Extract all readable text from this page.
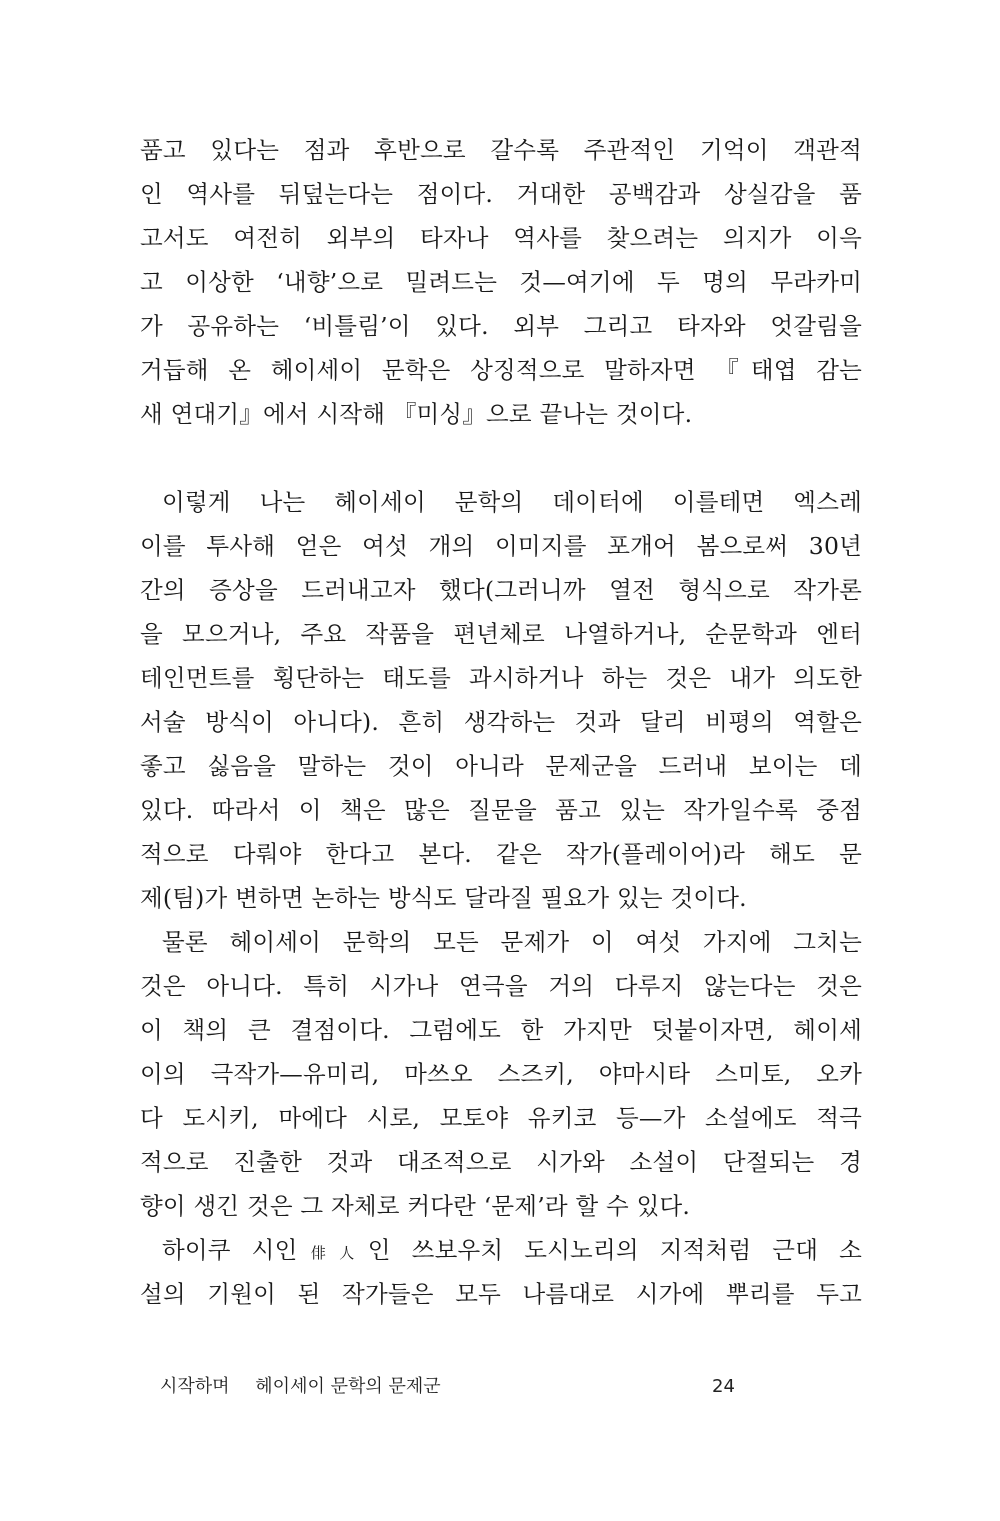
품고 있다는 점과 후반으로 갈수록 주관적인 기억이 객관적
인 역사를 뒤덮는다는 점이다. 거대한 공백감과 상실감을 품
고서도 여전히 외부의 타자나 역사를 찾으려는 의지가 이윽
고 이상한 ‘내향’으로 밀려드는 것—여기에 두 명의 무라카미
가 공유하는 ‘비틀림’이 있다. 외부 그리고 타자와 엇갈림을
거듭해 온 헤이세이 문학은 상징적으로 말하자면 『태엽 감는
새 연대기』에서 시작해 『미싱』으로 끝나는 것이다.
이렇게 나는 헤이세이 문학의 데이터에 이를테면 엑스레
이를 투사해 얻은 여섯 개의 이미지를 포개어 봄으로써 30년
간의 증상을 드러내고자 했다(그러니까 열전 형식으로 작가론
을 모으거나, 주요 작품을 편년체로 나열하거나, 순문학과 엔터
테인먼트를 횡단하는 태도를 과시하거나 하는 것은 내가 의도한
서술 방식이 아니다). 흔히 생각하는 것과 달리 비평의 역할은
좋고 싫음을 말하는 것이 아니라 문제군을 드러내 보이는 데
있다. 따라서 이 책은 많은 질문을 품고 있는 작가일수록 중점
적으로 다뤄야 한다고 본다. 같은 작가(플레이어)라 해도 문
제(팀)가 변하면 논하는 방식도 달라질 필요가 있는 것이다.
물론 헤이세이 문학의 모든 문제가 이 여섯 가지에 그치는
것은 아니다. 특히 시가나 연극을 거의 다루지 않는다는 것은
이 책의 큰 결점이다. 그럼에도 한 가지만 덧붙이자면, 헤이세
이의 극작가—유미리, 마쓰오 스즈키, 야마시타 스미토, 오카
다 도시키, 마에다 시로, 모토야 유키코 등—가 소설에도 적극
적으로 진출한 것과 대조적으로 시가와 소설이 단절되는 경
향이 생긴 것은 그 자체로 커다란 ‘문제’라 할 수 있다.
하이쿠 시인俳人인 쓰보우치 도시노리의 지적처럼 근대 소
설의 기원이 된 작가들은 모두 나름대로 시가에 뿌리를 두고
시작하며 헤이세이 문학의 문제군	24
